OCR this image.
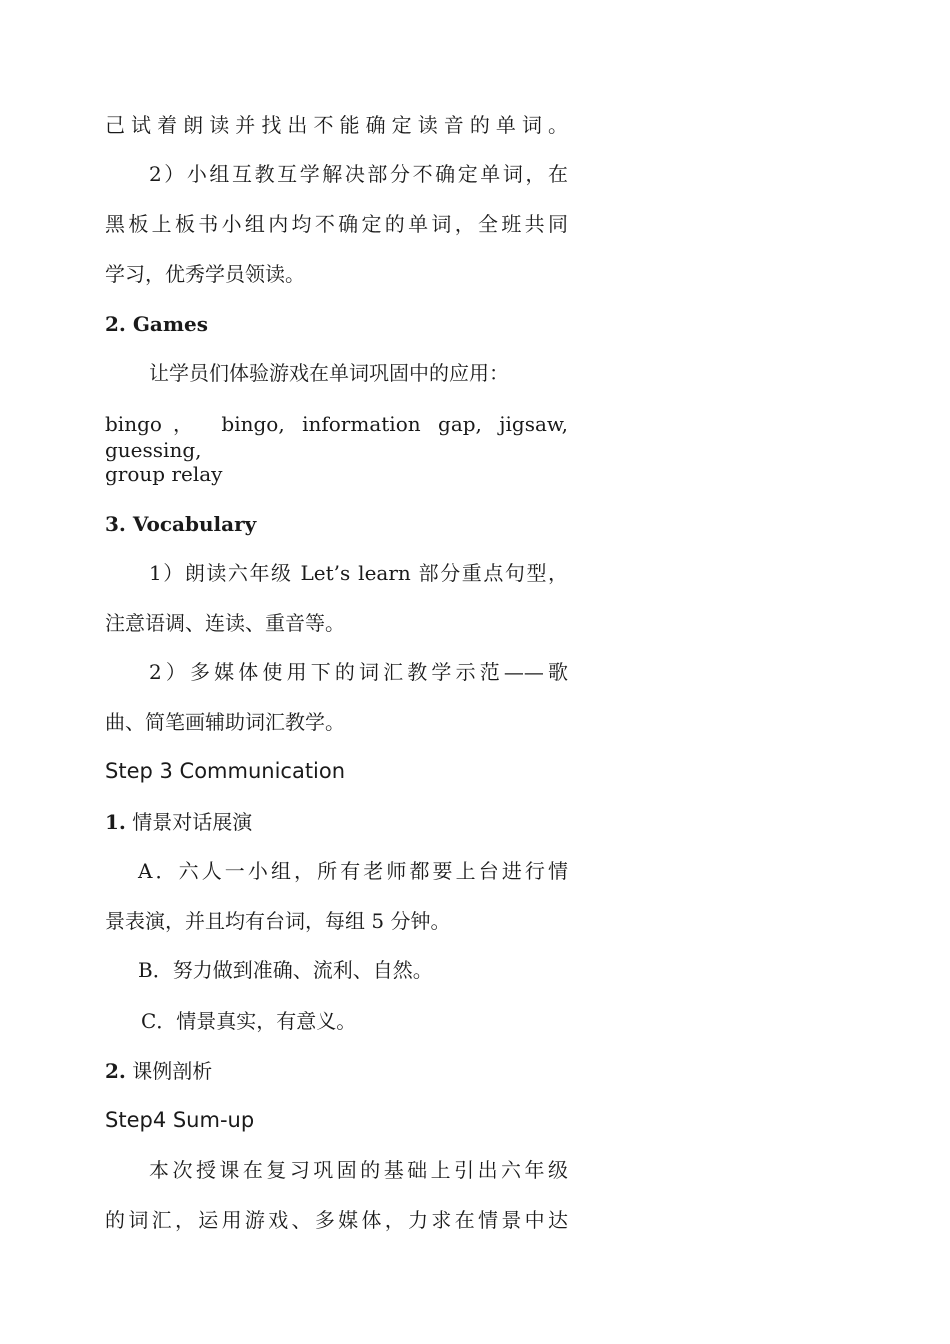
己试着朗读并找出不能确定读音的单词。
2）小组互教互学解决部分不确定单词，在
黑板上板书小组内均不确定的单词，全班共同
学习，优秀学员领读。
2. Games
让学员们体验游戏在单词巩固中的应用：
bingo， bingo, information gap, jigsaw, guessing,
group relay
3. Vocabulary
1）朗读六年级 Let’s learn 部分重点句型，
注意语调、连读、重音等。
2）多媒体使用下的词汇教学示范——歌
曲、简笔画辅助词汇教学。
Step 3 Communication
1. 情景对话展演
A．六人一小组，所有老师都要上台进行情
景表演，并且均有台词，每组 5 分钟。
B．努力做到准确、流利、自然。
C．情景真实，有意义。
2. 课例剖析
Step4 Sum-up
本次授课在复习巩固的基础上引出六年级
的词汇，运用游戏、多媒体，力求在情景中达
